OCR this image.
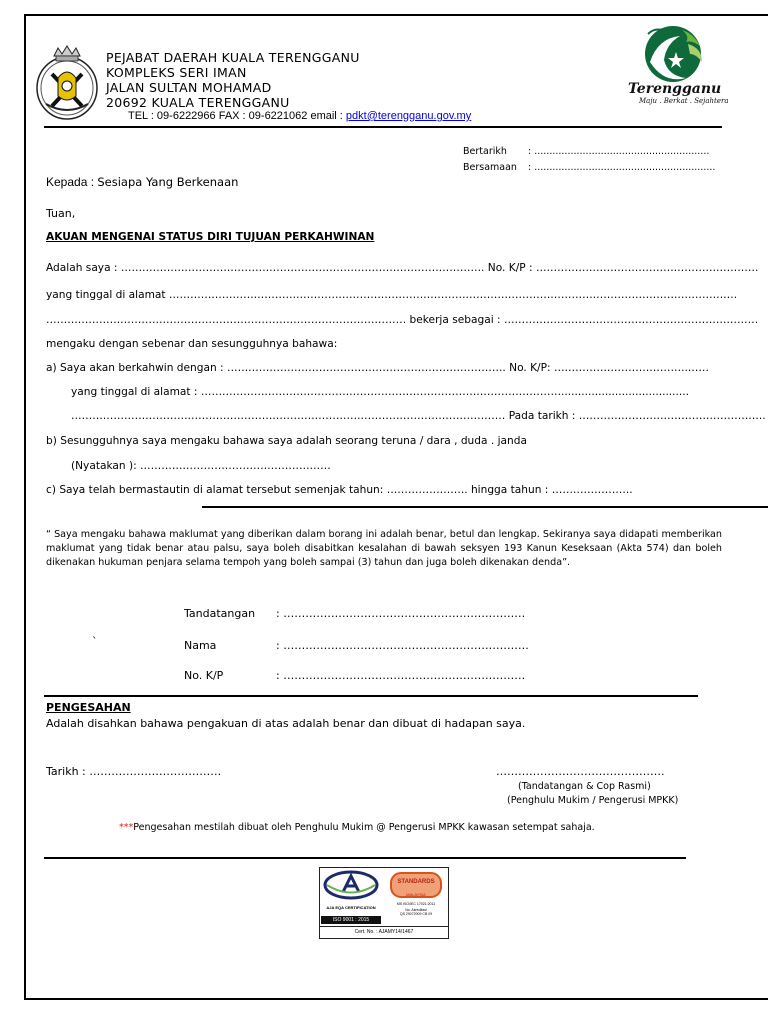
PEJABAT DAERAH KUALA TERENGGANU
KOMPLEKS SERI IMAN
JALAN SULTAN MOHAMAD
20692 KUALA TERENGGANU
TEL : 09-6222966 FAX : 09-6221062 email : pdkt@terengganu.gov.my
Terengganu
Maju . Berkat . Sejahtera
Bertarikh : ..........................................................
Bersamaan : ............................................................
Kepada : Sesiapa Yang Berkenaan
Tuan,
AKUAN MENGENAI STATUS DIRI TUJUAN PERKAHWINAN
Adalah saya : …………………………………………………………………………………………. No. K/P : ………………………………………………………
yang tinggal di alamat ………………………………………………………………………………………………………………………………….………….
………………………………………………………………………………………… bekerja sebagai : ………………………………………………………………
mengaku dengan sebenar dan sesungguhnya bahawa:
a) Saya akan berkahwin dengan : ……………………………………………………………………. No. K/P: ………………………………..……
yang tinggal di alamat : …………………………………………………………………………………………......................................
…………………………………………………………………………………………………………… Pada tarikh : ……………………………………………..
b) Sesungguhnya saya mengaku bahawa saya adalah seorang teruna / dara , duda . janda
(Nyatakan ): ………………………………………………
c) Saya telah bermastautin di alamat tersebut semenjak tahun: ………………….. hingga tahun : …………………..
“ Saya mengaku bahawa maklumat yang diberikan dalam borang ini adalah benar, betul dan lengkap. Sekiranya saya didapati memberikan maklumat yang tidak benar atau palsu, saya boleh disabitkan kesalahan di bawah seksyen 193 Kanun Keseksaan (Akta 574) dan boleh dikenakan hukuman penjara selama tempoh yang boleh sampai (3) tahun dan juga boleh dikenakan denda”.
Tandatangan : …………………………………………………………
`	Nama	: ………………………………………………………….
No. K/P	: …………………………………………………………
PENGESAHAN
Adalah disahkan bahawa pengakuan di atas adalah benar dan dibuat di hadapan saya.
Tarikh : ………………………………	……………………………………….
(Tandatangan & Cop Rasmi)
(Penghulu Mukim / Pengerusi MPKK)
***Pengesahan mestilah dibuat oleh Penghulu Mukim @ Pengerusi MPKK kawasan setempat sahaja.
AJA EQA CERTIFICATION
ISO 9001 : 2015
STANDARDS
MALAYSIA
MS ISO/IEC 17021:2011
No. Akreditasi
QS 29072009 CB 09
Cert. No. : AJAMY14/1467
